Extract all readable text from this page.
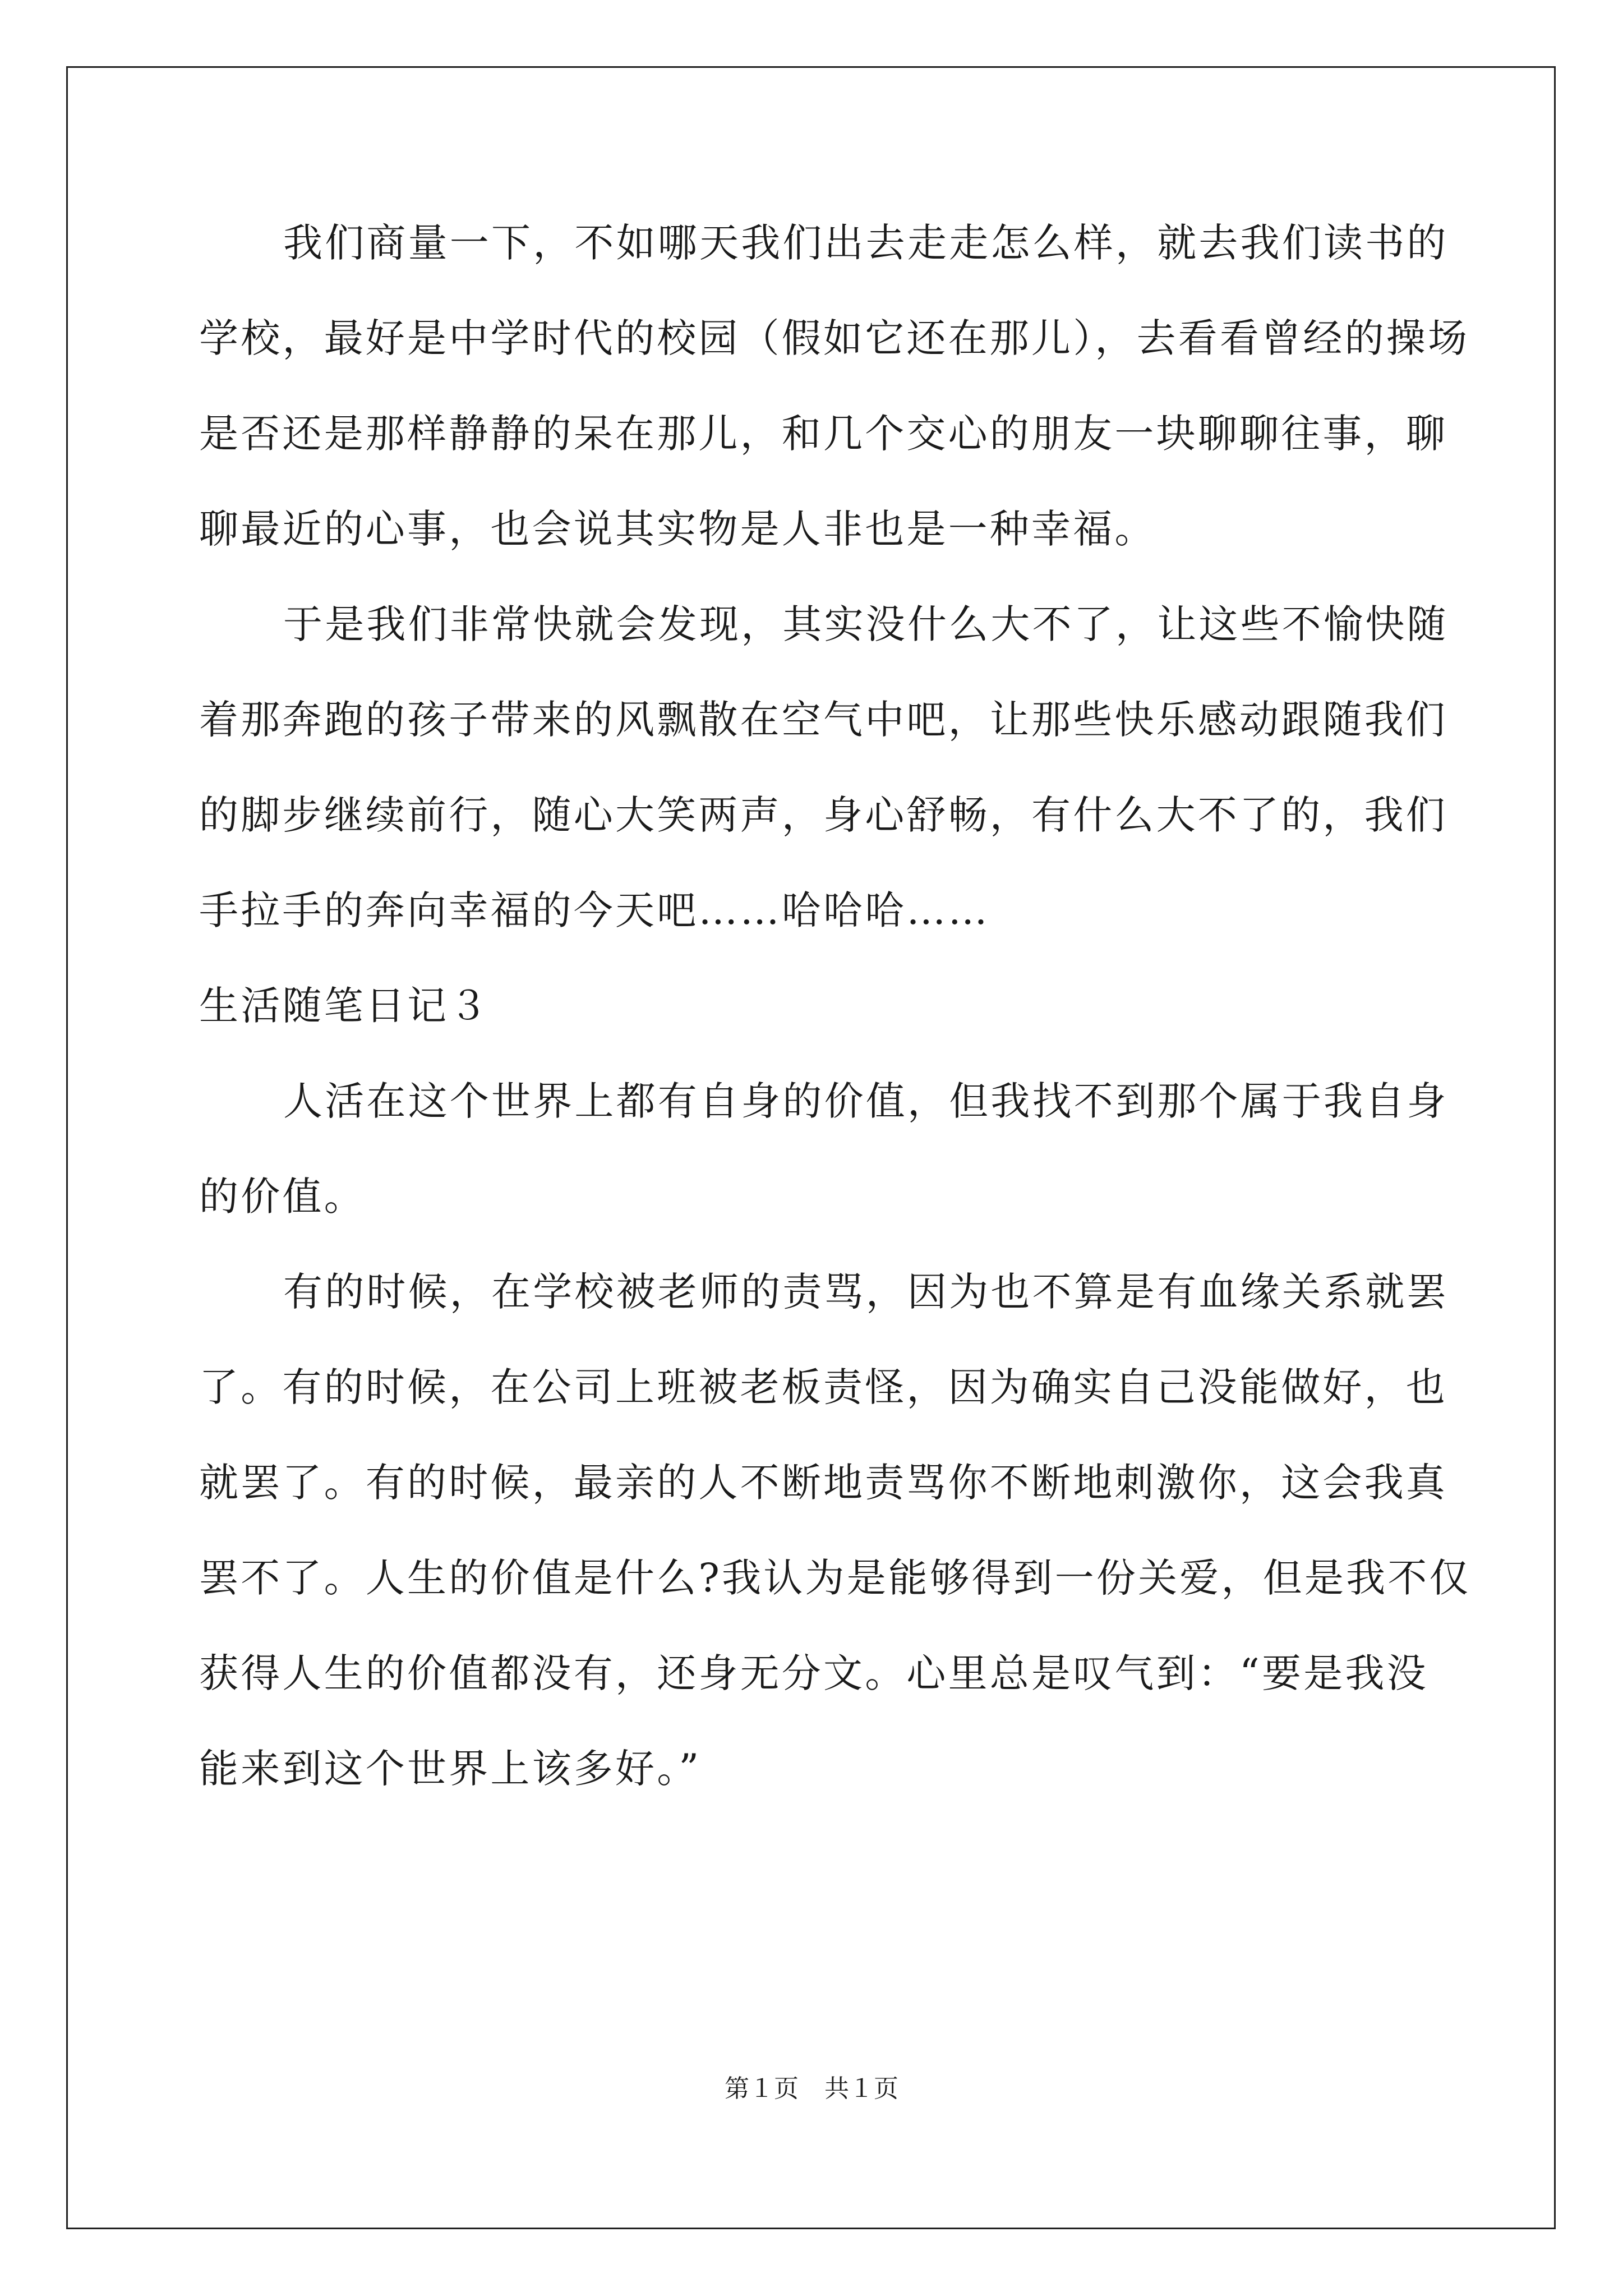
我们商量一下，不如哪天我们出去走走怎么样，就去我们读书的
学校，最好是中学时代的校园（假如它还在那儿），去看看曾经的操场
是否还是那样静静的呆在那儿，和几个交心的朋友一块聊聊往事，聊
聊最近的心事，也会说其实物是人非也是一种幸福。
于是我们非常快就会发现，其实没什么大不了，让这些不愉快随
着那奔跑的孩子带来的风飘散在空气中吧，让那些快乐感动跟随我们
的脚步继续前行，随心大笑两声，身心舒畅，有什么大不了的，我们
手拉手的奔向幸福的今天吧……哈哈哈……
生活随笔日记３
人活在这个世界上都有自身的价值，但我找不到那个属于我自身
的价值。
有的时候，在学校被老师的责骂，因为也不算是有血缘关系就罢
了。有的时候，在公司上班被老板责怪，因为确实自己没能做好，也
就罢了。有的时候，最亲的人不断地责骂你不断地刺激你，这会我真
罢不了。人生的价值是什么?我认为是能够得到一份关爱，但是我不仅
获得人生的价值都没有，还身无分文。心里总是叹气到：“要是我没
能来到这个世界上该多好。”
第１页 共１页
